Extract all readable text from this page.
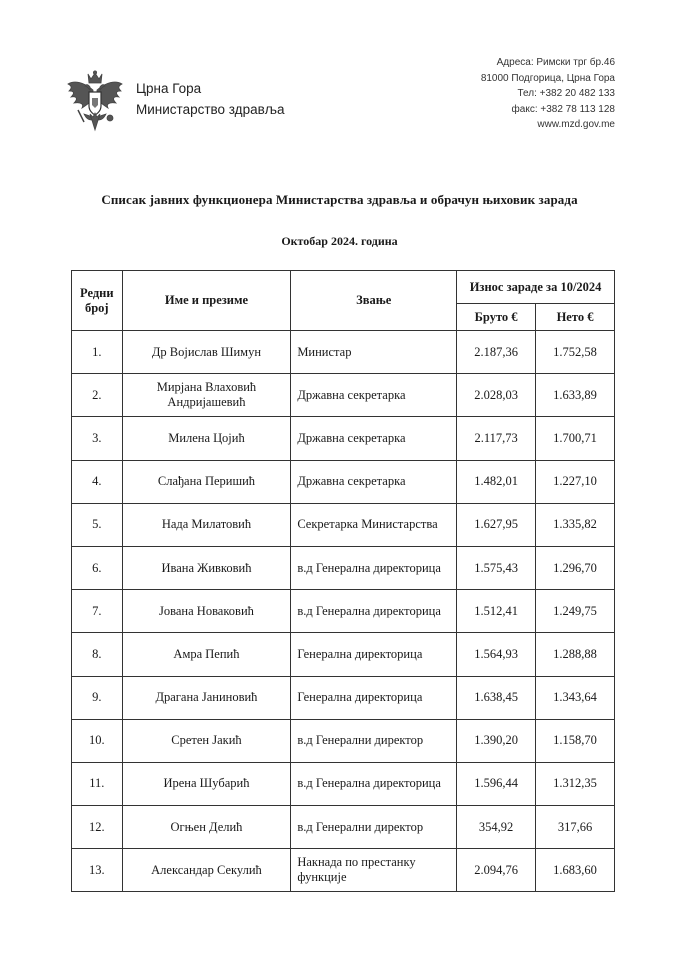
Црна Гора
Министарство здравља
Адреса: Римски трг бр.46
81000 Подгорица, Црна Гора
Тел: +382 20 482 133
факс: +382 78 113 128
www.mzd.gov.me
Списак јавних функционера Министарства здравља и обрачун њиховик зарада
Октобар 2024. година
Редни број	Име и презиме	Звање	Износ зараде за 10/2024	
			Бруто €	Нето €
1.	Др Војислав Шимун	Министар	2.187,36	1.752,58
2.	Мирјана Влаховић Андријашевић	Државна секретарка	2.028,03	1.633,89
3.	Милена Цојић	Државна секретарка	2.117,73	1.700,71
4.	Слађана Перишић	Државна секретарка	1.482,01	1.227,10
5.	Нада Милатовић	Секретарка Министарства	1.627,95	1.335,82
6.	Ивана Живковић	в.д Генерална директорица	1.575,43	1.296,70
7.	Јована Новаковић	в.д Генерална директорица	1.512,41	1.249,75
8.	Амра Пепић	Генерална директорица	1.564,93	1.288,88
9.	Драгана Јаниновић	Генерална директорица	1.638,45	1.343,64
10.	Сретен Јакић	в.д Генерални директор	1.390,20	1.158,70
11.	Ирена Шубарић	в.д Генерална директорица	1.596,44	1.312,35
12.	Огњен Делић	в.д Генерални директор	354,92	317,66
13.	Александар Секулић	Накнада по престанку функције	2.094,76	1.683,60
